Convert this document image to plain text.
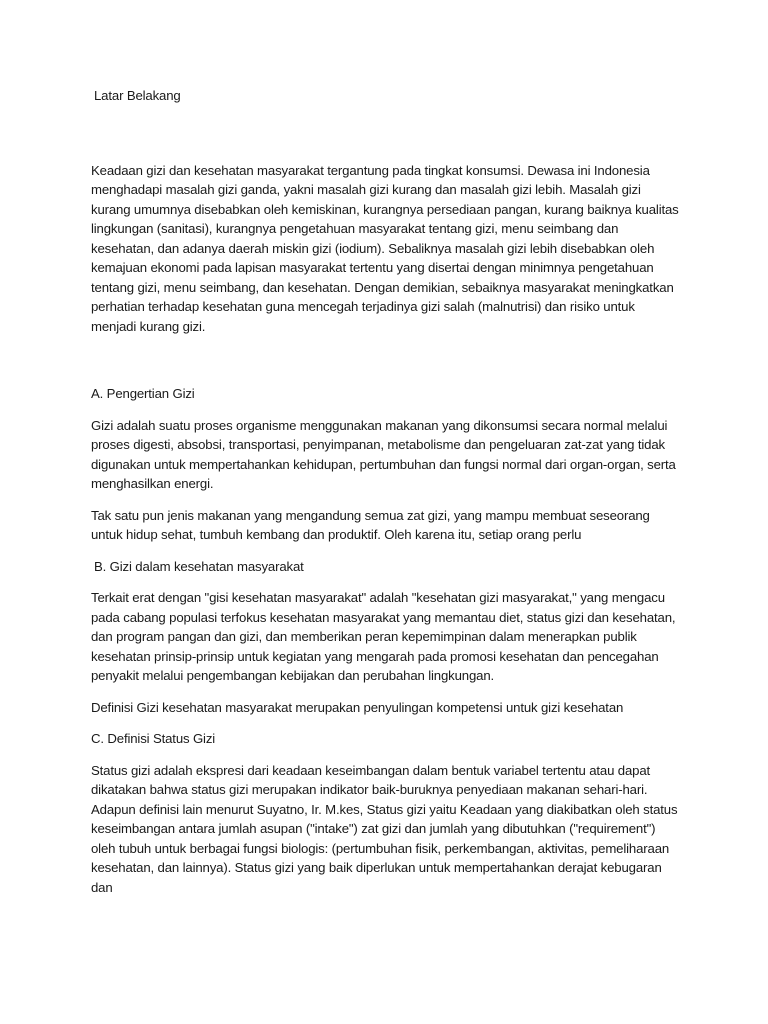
Latar Belakang

Keadaan gizi dan kesehatan masyarakat tergantung pada tingkat konsumsi. Dewasa ini Indonesia menghadapi masalah gizi ganda, yakni masalah gizi kurang dan masalah gizi lebih. Masalah gizi kurang umumnya disebabkan oleh kemiskinan, kurangnya persediaan pangan, kurang baiknya kualitas lingkungan (sanitasi), kurangnya pengetahuan masyarakat tentang gizi, menu seimbang dan kesehatan, dan adanya daerah miskin gizi (iodium). Sebaliknya masalah gizi lebih disebabkan oleh kemajuan ekonomi pada lapisan masyarakat tertentu yang disertai dengan minimnya pengetahuan tentang gizi, menu seimbang, dan kesehatan. Dengan demikian, sebaiknya masyarakat meningkatkan perhatian terhadap kesehatan guna mencegah terjadinya gizi salah (malnutrisi) dan risiko untuk menjadi kurang gizi.

A. Pengertian Gizi

Gizi adalah suatu proses organisme menggunakan makanan yang dikonsumsi secara normal melalui proses digesti, absobsi, transportasi, penyimpanan, metabolisme dan pengeluaran zat-zat yang tidak digunakan untuk mempertahankan kehidupan, pertumbuhan dan fungsi normal dari organ-organ, serta menghasilkan energi.

Tak satu pun jenis makanan yang mengandung semua zat gizi, yang mampu membuat seseorang untuk hidup sehat, tumbuh kembang dan produktif. Oleh karena itu, setiap orang perlu

B. Gizi dalam kesehatan masyarakat

Terkait erat dengan "gisi kesehatan masyarakat" adalah "kesehatan gizi masyarakat," yang mengacu pada cabang populasi terfokus kesehatan masyarakat yang memantau diet, status gizi dan kesehatan, dan program pangan dan gizi, dan memberikan peran kepemimpinan dalam menerapkan publik kesehatan prinsip-prinsip untuk kegiatan yang mengarah pada promosi kesehatan dan pencegahan penyakit melalui pengembangan kebijakan dan perubahan lingkungan.

Definisi Gizi kesehatan masyarakat merupakan penyulingan kompetensi untuk gizi kesehatan

C. Definisi Status Gizi

Status gizi adalah ekspresi dari keadaan keseimbangan dalam bentuk variabel tertentu atau dapat dikatakan bahwa status gizi merupakan indikator baik-buruknya penyediaan makanan sehari-hari. Adapun definisi lain menurut Suyatno, Ir. M.kes, Status gizi yaitu Keadaan yang diakibatkan oleh status keseimbangan antara jumlah asupan ("intake") zat gizi dan jumlah yang dibutuhkan ("requirement") oleh tubuh untuk berbagai fungsi biologis: (pertumbuhan fisik, perkembangan, aktivitas, pemeliharaan kesehatan, dan lainnya). Status gizi yang baik diperlukan untuk mempertahankan derajat kebugaran dan
